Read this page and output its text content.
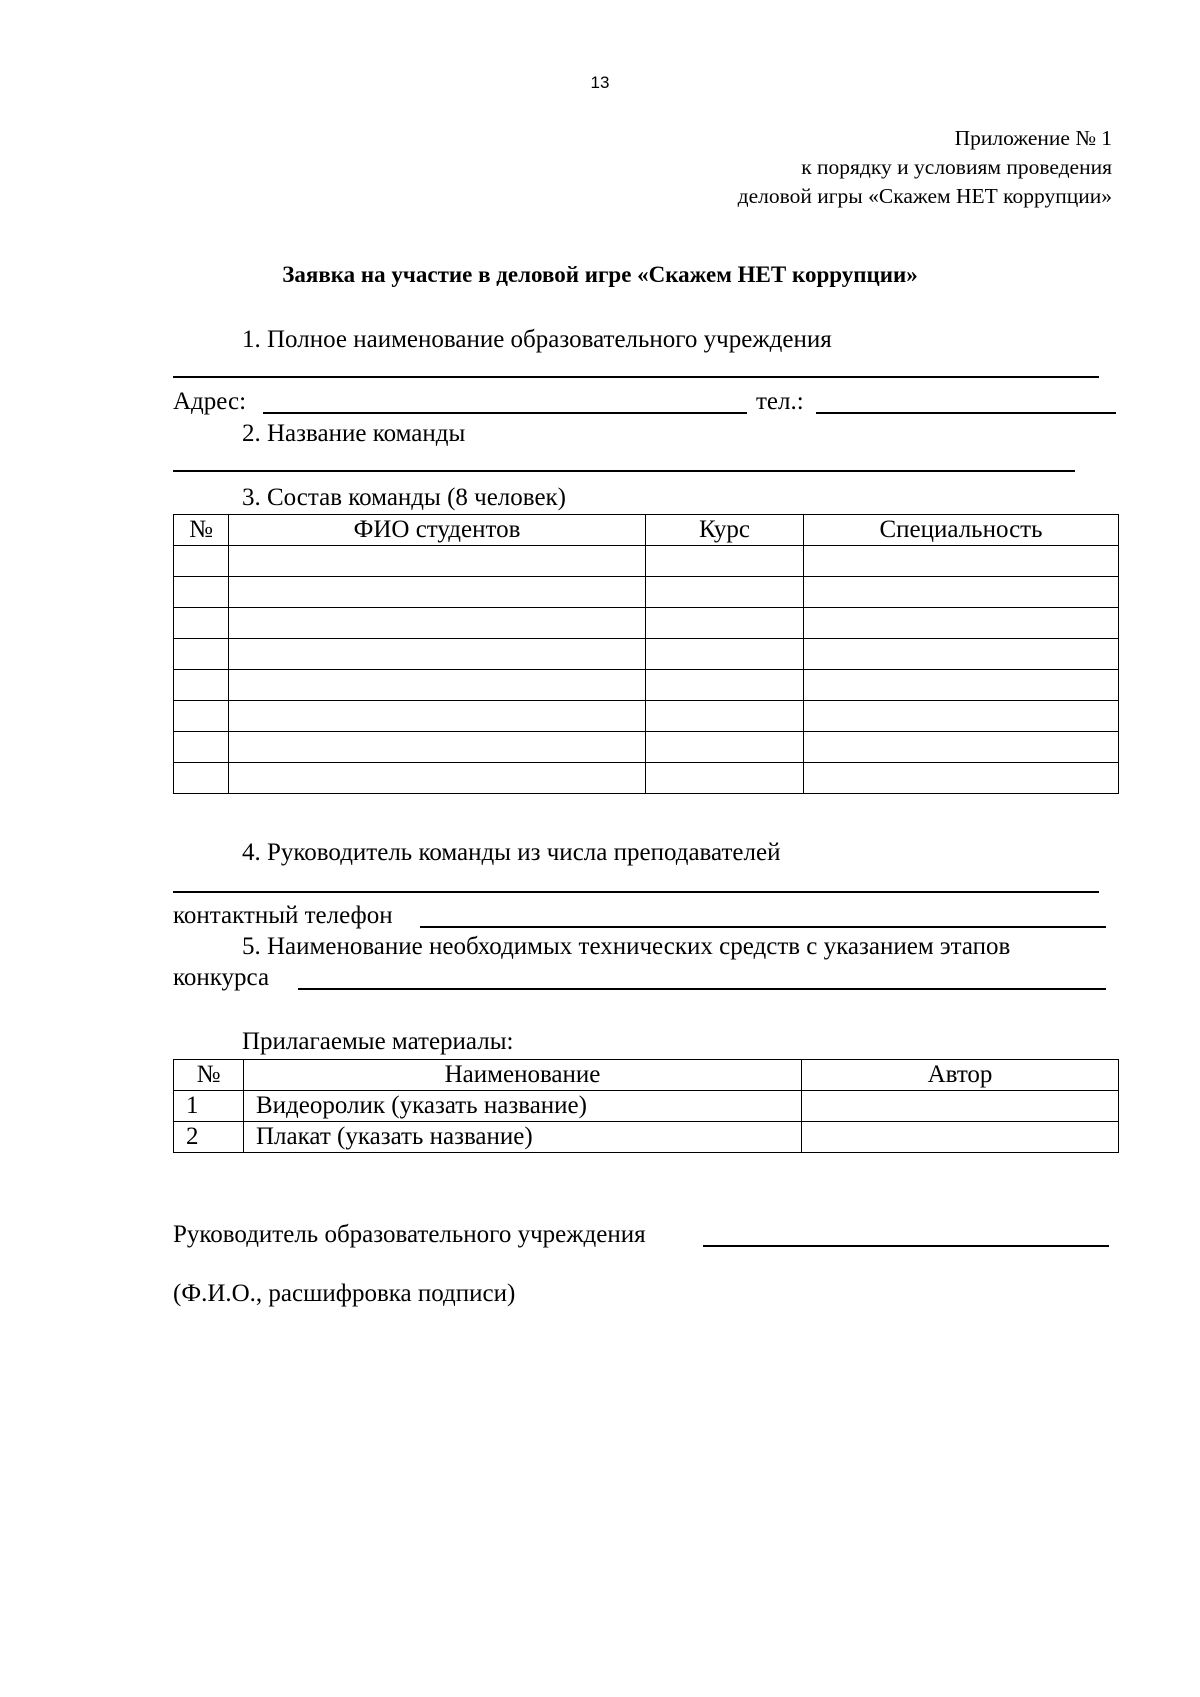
13
Приложение № 1
к порядку и условиям проведения
деловой игры «Скажем НЕТ коррупции»
Заявка на участие в деловой игре «Скажем НЕТ коррупции»
1. Полное наименование образовательного учреждения
Адрес:	тел.:
2. Название команды
3. Состав команды (8 человек)
№	ФИО студентов	Курс	Специальность

4. Руководитель команды из числа преподавателей
контактный телефон
5. Наименование необходимых технических средств с указанием этапов
конкурса
Прилагаемые материалы:
№	Наименование	Автор
1	Видеоролик (указать название)	
2	Плакат (указать название)	
Руководитель образовательного учреждения
(Ф.И.О., расшифровка подписи)
